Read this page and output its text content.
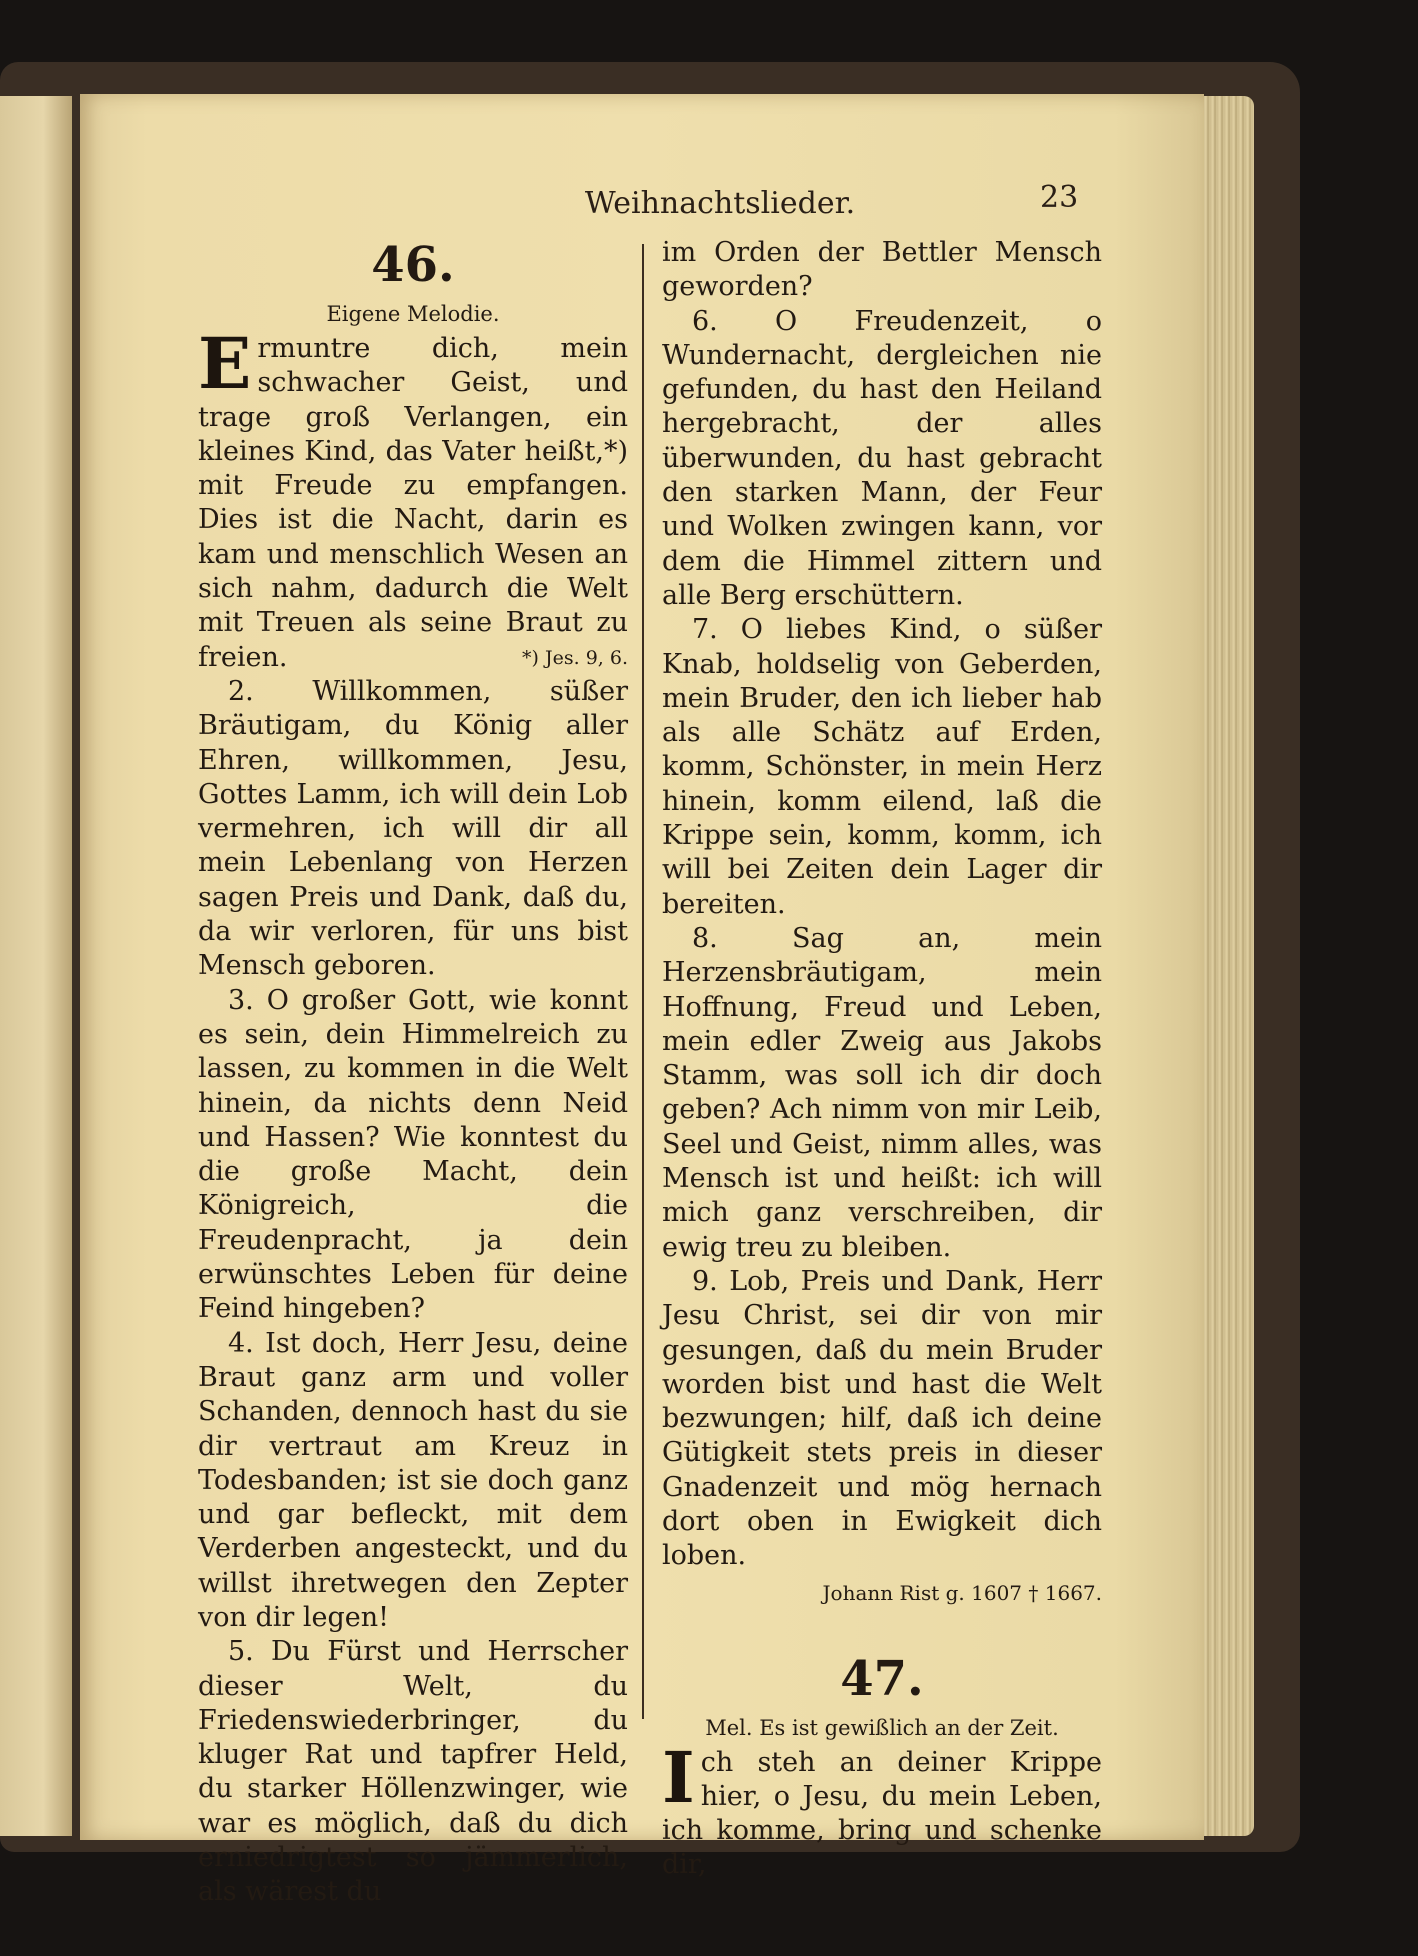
Weihnachtslieder.	23
46.
Eigene Melodie.

Ermuntre dich, mein schwacher Geist, und trage groß Verlangen, ein kleines Kind, das Vater heißt,*) mit Freude zu empfangen. Dies ist die Nacht, darin es kam und menschlich Wesen an sich nahm, dadurch die Welt mit Treuen als seine Braut zu freien.	*) Jes. 9, 6.

2. Willkommen, süßer Bräutigam, du König aller Ehren, willkommen, Jesu, Gottes Lamm, ich will dein Lob vermehren, ich will dir all mein Lebenlang von Herzen sagen Preis und Dank, daß du, da wir verloren, für uns bist Mensch geboren.

3. O großer Gott, wie konnt es sein, dein Himmelreich zu lassen, zu kommen in die Welt hinein, da nichts denn Neid und Hassen? Wie konntest du die große Macht, dein Königreich, die Freudenpracht, ja dein erwünschtes Leben für deine Feind hingeben?

4. Ist doch, Herr Jesu, deine Braut ganz arm und voller Schanden, dennoch hast du sie dir vertraut am Kreuz in Todesbanden; ist sie doch ganz und gar befleckt, mit dem Verderben angesteckt, und du willst ihretwegen den Zepter von dir legen!

5. Du Fürst und Herrscher dieser Welt, du Friedenswiederbringer, du kluger Rat und tapfrer Held, du starker Höllenzwinger, wie war es möglich, daß du dich erniedrigtest so jämmerlich, als wärest du

im Orden der Bettler Mensch geworden?

6. O Freudenzeit, o Wundernacht, dergleichen nie gefunden, du hast den Heiland hergebracht, der alles überwunden, du hast gebracht den starken Mann, der Feur und Wolken zwingen kann, vor dem die Himmel zittern und alle Berg erschüttern.

7. O liebes Kind, o süßer Knab, holdselig von Geberden, mein Bruder, den ich lieber hab als alle Schätz auf Erden, komm, Schönster, in mein Herz hinein, komm eilend, laß die Krippe sein, komm, komm, ich will bei Zeiten dein Lager dir bereiten.

8. Sag an, mein Herzensbräutigam, mein Hoffnung, Freud und Leben, mein edler Zweig aus Jakobs Stamm, was soll ich dir doch geben? Ach nimm von mir Leib, Seel und Geist, nimm alles, was Mensch ist und heißt: ich will mich ganz verschreiben, dir ewig treu zu bleiben.

9. Lob, Preis und Dank, Herr Jesu Christ, sei dir von mir gesungen, daß du mein Bruder worden bist und hast die Welt bezwungen; hilf, daß ich deine Gütigkeit stets preis in dieser Gnadenzeit und mög hernach dort oben in Ewigkeit dich loben.

Johann Rist g. 1607 † 1667.
47.
Mel. Es ist gewißlich an der Zeit.

Ich steh an deiner Krippe hier, o Jesu, du mein Leben, ich komme, bring und schenke dir,
